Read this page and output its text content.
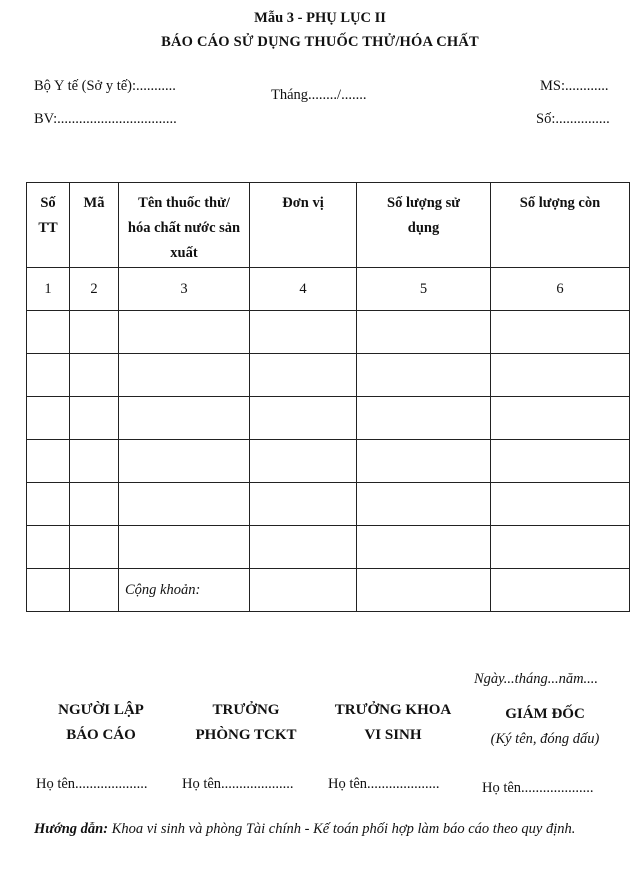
Mẫu 3 - PHỤ LỤC II
BÁO CÁO SỬ DỤNG THUỐC THỬ/HÓA CHẤT
Bộ Y tế (Sở y tế):...........
Tháng......../.......
MS:............
BV:.................................	Số:...............
Số TT	Mã	Tên thuốc thử/ hóa chất nước sản xuất	Đơn vị	Số lượng sử dụng	Số lượng còn
1	2	3	4	5	6

		Cộng khoản:			
Ngày...tháng...năm....
NGƯỜI LẬP
BÁO CÁO
TRƯỞNG
PHÒNG TCKT
TRƯỞNG KHOA
VI SINH
GIÁM ĐỐC
(Ký tên, đóng dấu)
Họ tên.................... Họ tên.................... Họ tên....................	Họ tên....................
Hướng dẫn: Khoa vi sinh và phòng Tài chính - Kế toán phối hợp làm báo cáo theo quy định.
